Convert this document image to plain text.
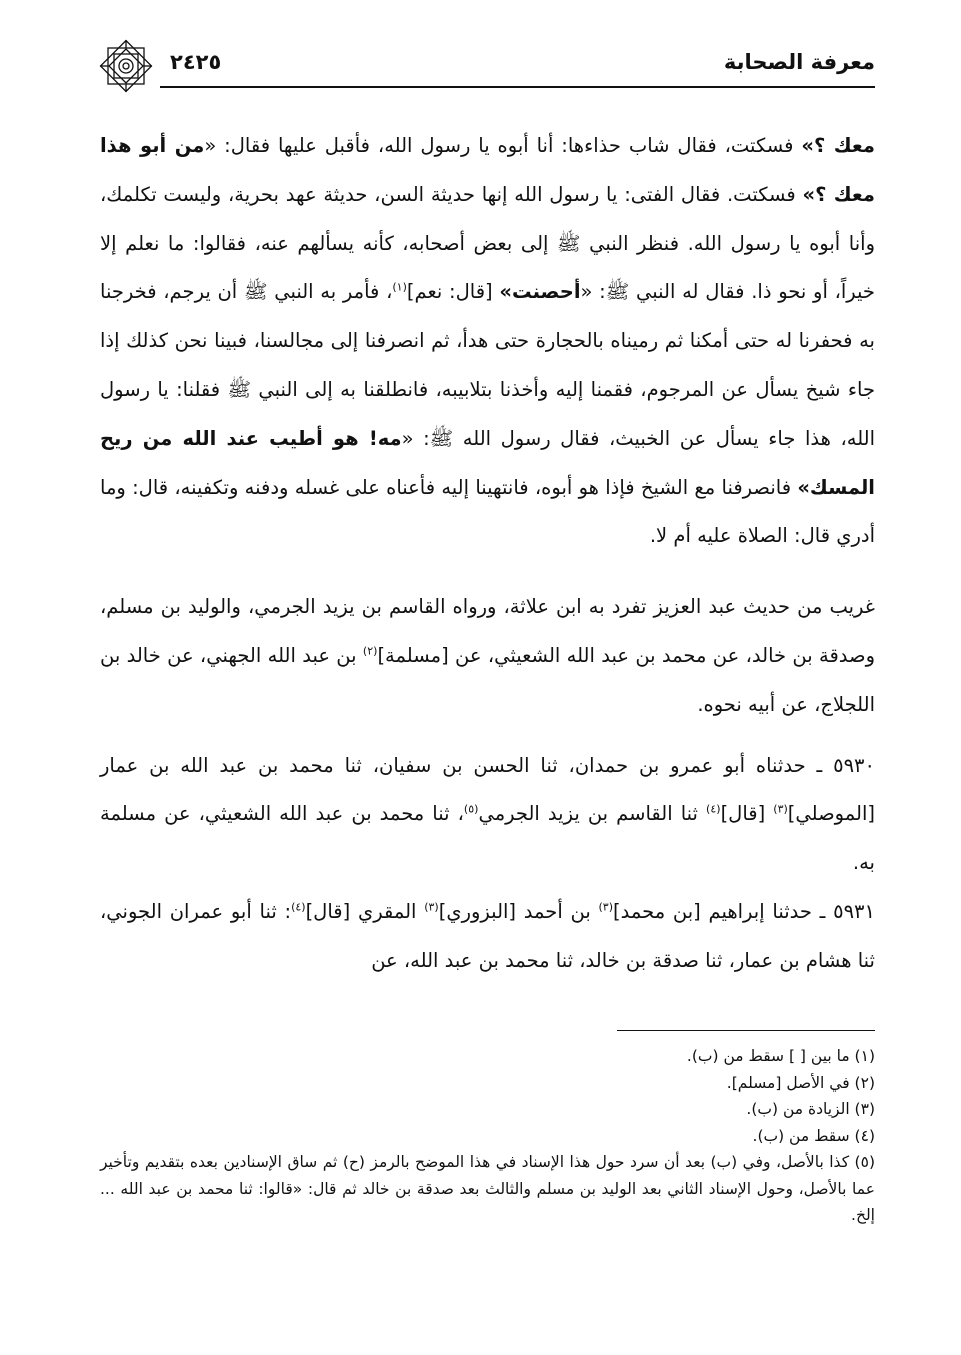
معرفة الصحابة
٢٤٢٥

معك ؟» فسكتت، فقال شاب حذاءها: أنا أبوه يا رسول الله، فأقبل عليها فقال: «من أبو هذا معك ؟» فسكتت. فقال الفتى: يا رسول الله إنها حديثة السن، حديثة عهد بحرية، وليست تكلمك، وأنا أبوه يا رسول الله. فنظر النبي ﷺ إلى بعض أصحابه، كأنه يسألهم عنه، فقالوا: ما نعلم إلا خيراً، أو نحو ذا. فقال له النبي ﷺ: «أحصنت» [قال: نعم]$^{(١)}$، فأمر به النبي ﷺ أن يرجم، فخرجنا به فحفرنا له حتى أمكنا ثم رميناه بالحجارة حتى هدأ، ثم انصرفنا إلى مجالسنا، فبينا نحن كذلك إذا جاء شيخ يسأل عن المرجوم، فقمنا إليه وأخذنا بتلابيبه، فانطلقنا به إلى النبي ﷺ فقلنا: يا رسول الله، هذا جاء يسأل عن الخبيث، فقال رسول الله ﷺ: «مه! هو أطيب عند الله من ريح المسك» فانصرفنا مع الشيخ فإذا هو أبوه، فانتهينا إليه فأعناه على غسله ودفنه وتكفينه، قال: وما أدري قال: الصلاة عليه أم لا.

غريب من حديث عبد العزيز تفرد به ابن علاثة، ورواه القاسم بن يزيد الجرمي، والوليد بن مسلم، وصدقة بن خالد، عن محمد بن عبد الله الشعيثي، عن [مسلمة]$^{(٢)}$ بن عبد الله الجهني، عن خالد بن اللجلاج، عن أبيه نحوه.

٥٩٣٠ ـ حدثناه أبو عمرو بن حمدان، ثنا الحسن بن سفيان، ثنا محمد بن عبد الله بن عمار [الموصلي]$^{(٣)}$ [قال]$^{(٤)}$ ثنا القاسم بن يزيد الجرمي$^{(٥)}$، ثنا محمد بن عبد الله الشعيثي، عن مسلمة به.

٥٩٣١ ـ حدثنا إبراهيم [بن محمد]$^{(٣)}$ بن أحمد [البزوري]$^{(٣)}$ المقري [قال]$^{(٤)}$: ثنا أبو عمران الجوني، ثنا هشام بن عمار، ثنا صدقة بن خالد، ثنا محمد بن عبد الله، عن

(١) ما بين [ ] سقط من (ب).

(٢) في الأصل [مسلم].

(٣) الزيادة من (ب).

(٤) سقط من (ب).

(٥) كذا بالأصل، وفي (ب) بعد أن سرد حول هذا الإسناد في هذا الموضح بالرمز (ح) ثم ساق الإسنادين بعده بتقديم وتأخير عما بالأصل، وحول الإسناد الثاني بعد الوليد بن مسلم والثالث بعد صدقة بن خالد ثم قال: «قالوا: ثنا محمد بن عبد الله ... إلخ.
